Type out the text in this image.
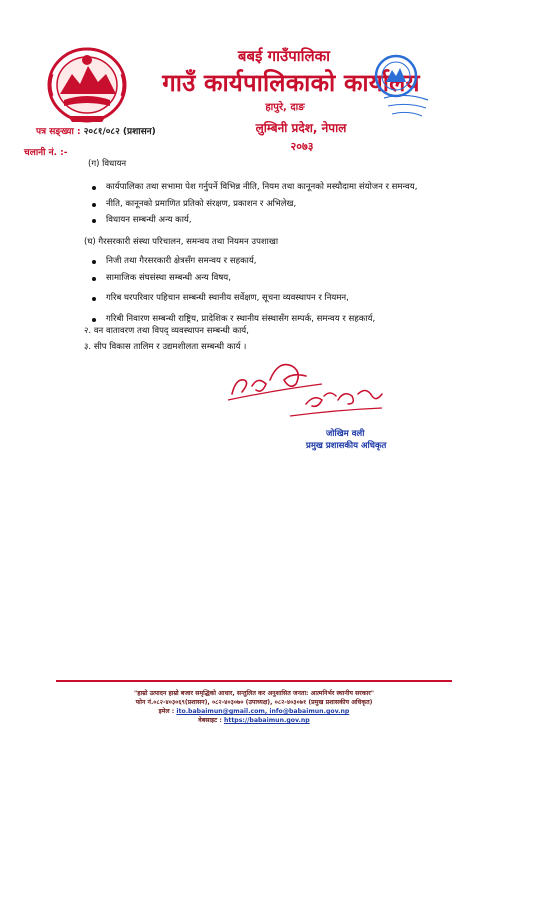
बबई गाउँपालिका
गाउँ कार्यपालिकाको कार्यालय
हापुरे, दाङ
लुम्बिनी प्रदेश, नेपाल
२०७३
पत्र सङ्ख्या : २०८१/०८२ (प्रशासन)
चलानी नं. :-
(ग) विधायन
कार्यपालिका तथा सभामा पेश गर्नुपर्ने विभिन्न नीति, नियम तथा कानूनको मस्यौदामा संयोजन र समन्वय,
नीति, कानूनको प्रमाणित प्रतिको संरक्षण, प्रकाशन र अभिलेख,
विधायन सम्बन्धी अन्य कार्य,
(घ) गैरसरकारी संस्था परिचालन, समन्वय तथा नियमन उपशाखा
निजी तथा गैरसरकारी क्षेत्रसँग समन्वय र सहकार्य,
सामाजिक संघसंस्था सम्बन्धी अन्य विषय,
गरिब घरपरिवार पहिचान सम्बन्धी स्थानीय सर्वेक्षण, सूचना व्यवस्थापन र नियमन,
गरिबी निवारण सम्बन्धी राष्ट्रिय, प्रादेशिक र स्थानीय संस्थासँग सम्पर्क, समन्वय र सहकार्य,
२. वन वातावरण तथा विपद् व्यवस्थापन सम्बन्धी कार्य,
३. सीप विकास तालिम र उद्यमशीलता सम्बन्धी कार्य ।
जोखिम वली
प्रमुख प्रशासकीय अधिकृत
"हाम्रो उत्पादन हाम्रो बजार समृद्धिको आधार, सन्तुलित कर अनुशासित जनता: आत्मनिर्भर स्थानीय सरकार"
फोन नं.०८२-४०३०६९(प्रशासन), ०८२-४०३०७० (उपाध्यक्ष), ०८२-४०३०७१ (प्रमुख प्रशासकीय अधिकृत)
इमेल : ito.babaimun@gmail.com, info@babaimun.gov.np
वेबसाइट : https://babaimun.gov.np
